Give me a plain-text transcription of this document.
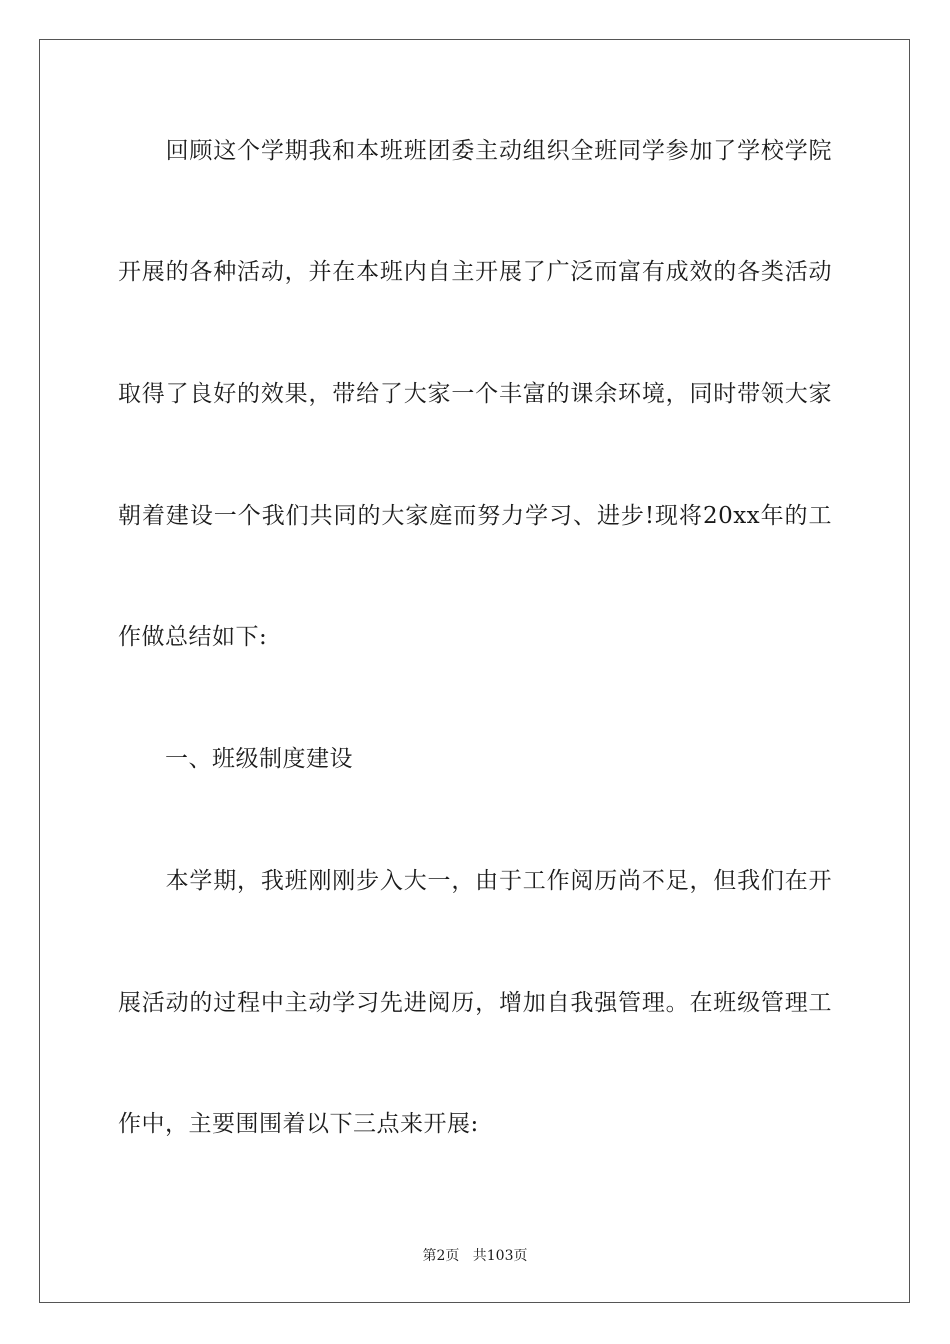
　　回顾这个学期我和本班班团委主动组织全班同学参加了学校学院
开展的各种活动，并在本班内自主开展了广泛而富有成效的各类活动
取得了良好的效果，带给了大家一个丰富的课余环境，同时带领大家
朝着建设一个我们共同的大家庭而努力学习、进步!现将20xx年的工
作做总结如下:
　　一、班级制度建设
　　本学期，我班刚刚步入大一，由于工作阅历尚不足，但我们在开
展活动的过程中主动学习先进阅历，增加自我强管理。在班级管理工
作中，主要围围着以下三点来开展:
第2页 共103页
